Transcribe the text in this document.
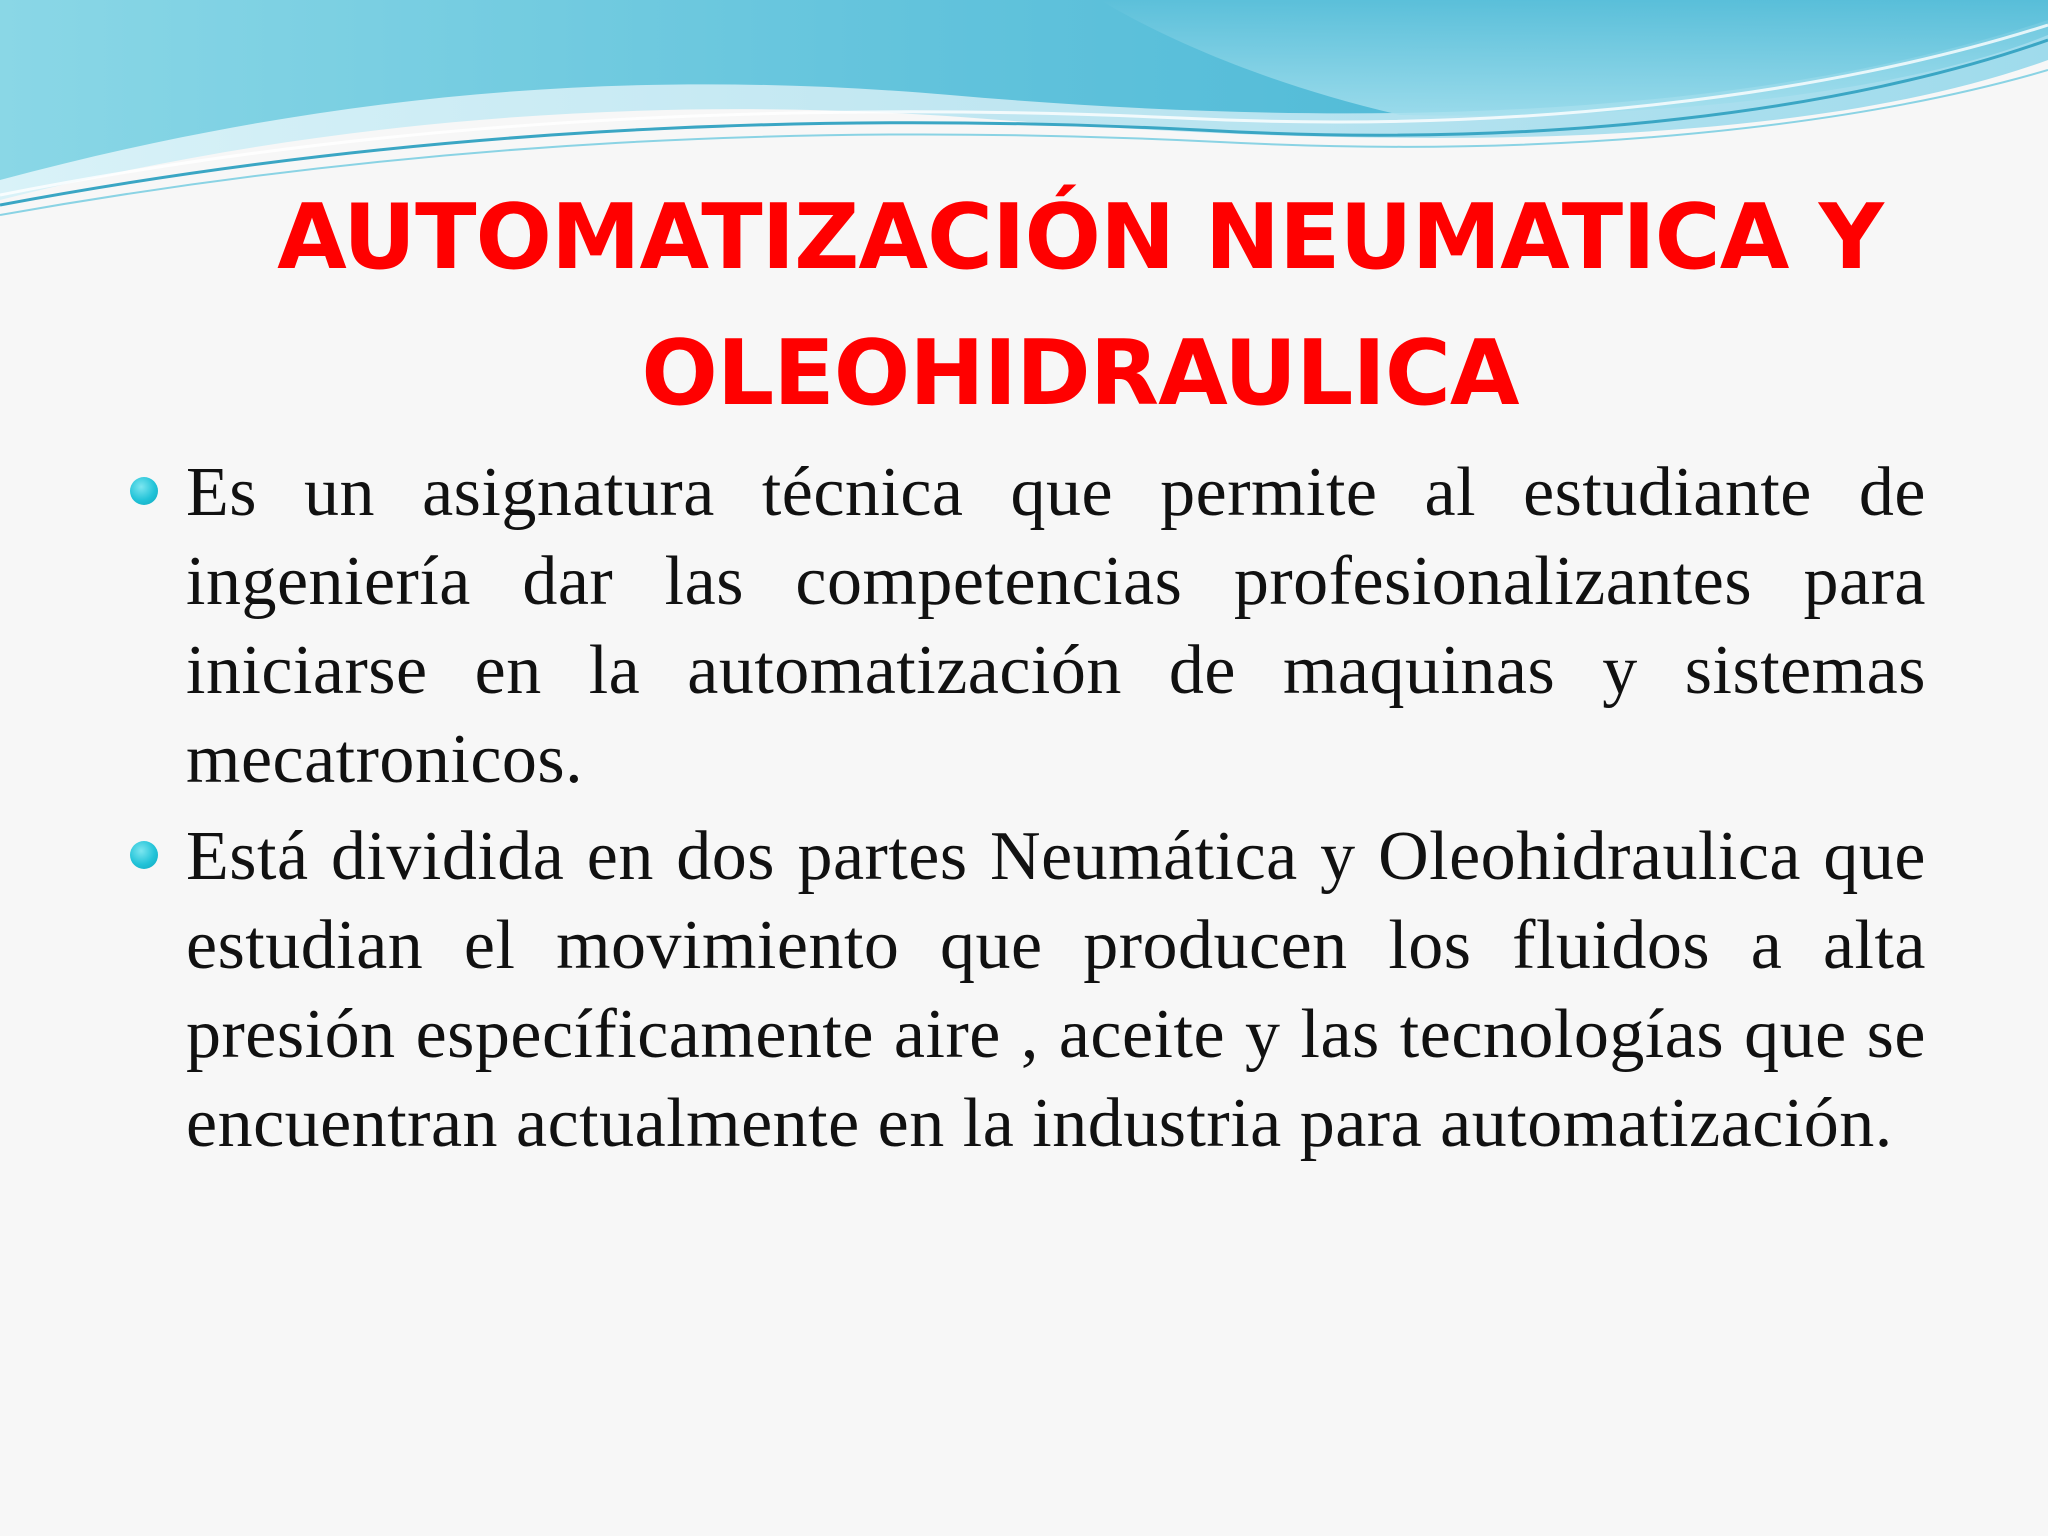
AUTOMATIZACIÓN NEUMATICA Y
OLEOHIDRAULICA
Es un asignatura técnica que permite al estudiante de ingeniería dar las competencias profesionalizantes para iniciarse en la automatización de maquinas y sistemas mecatronicos.
Está dividida en dos partes Neumática y Oleohidraulica que estudian el movimiento que producen los fluidos a alta presión específicamente aire , aceite y las tecnologías que se encuentran actualmente en la industria para automatización.
